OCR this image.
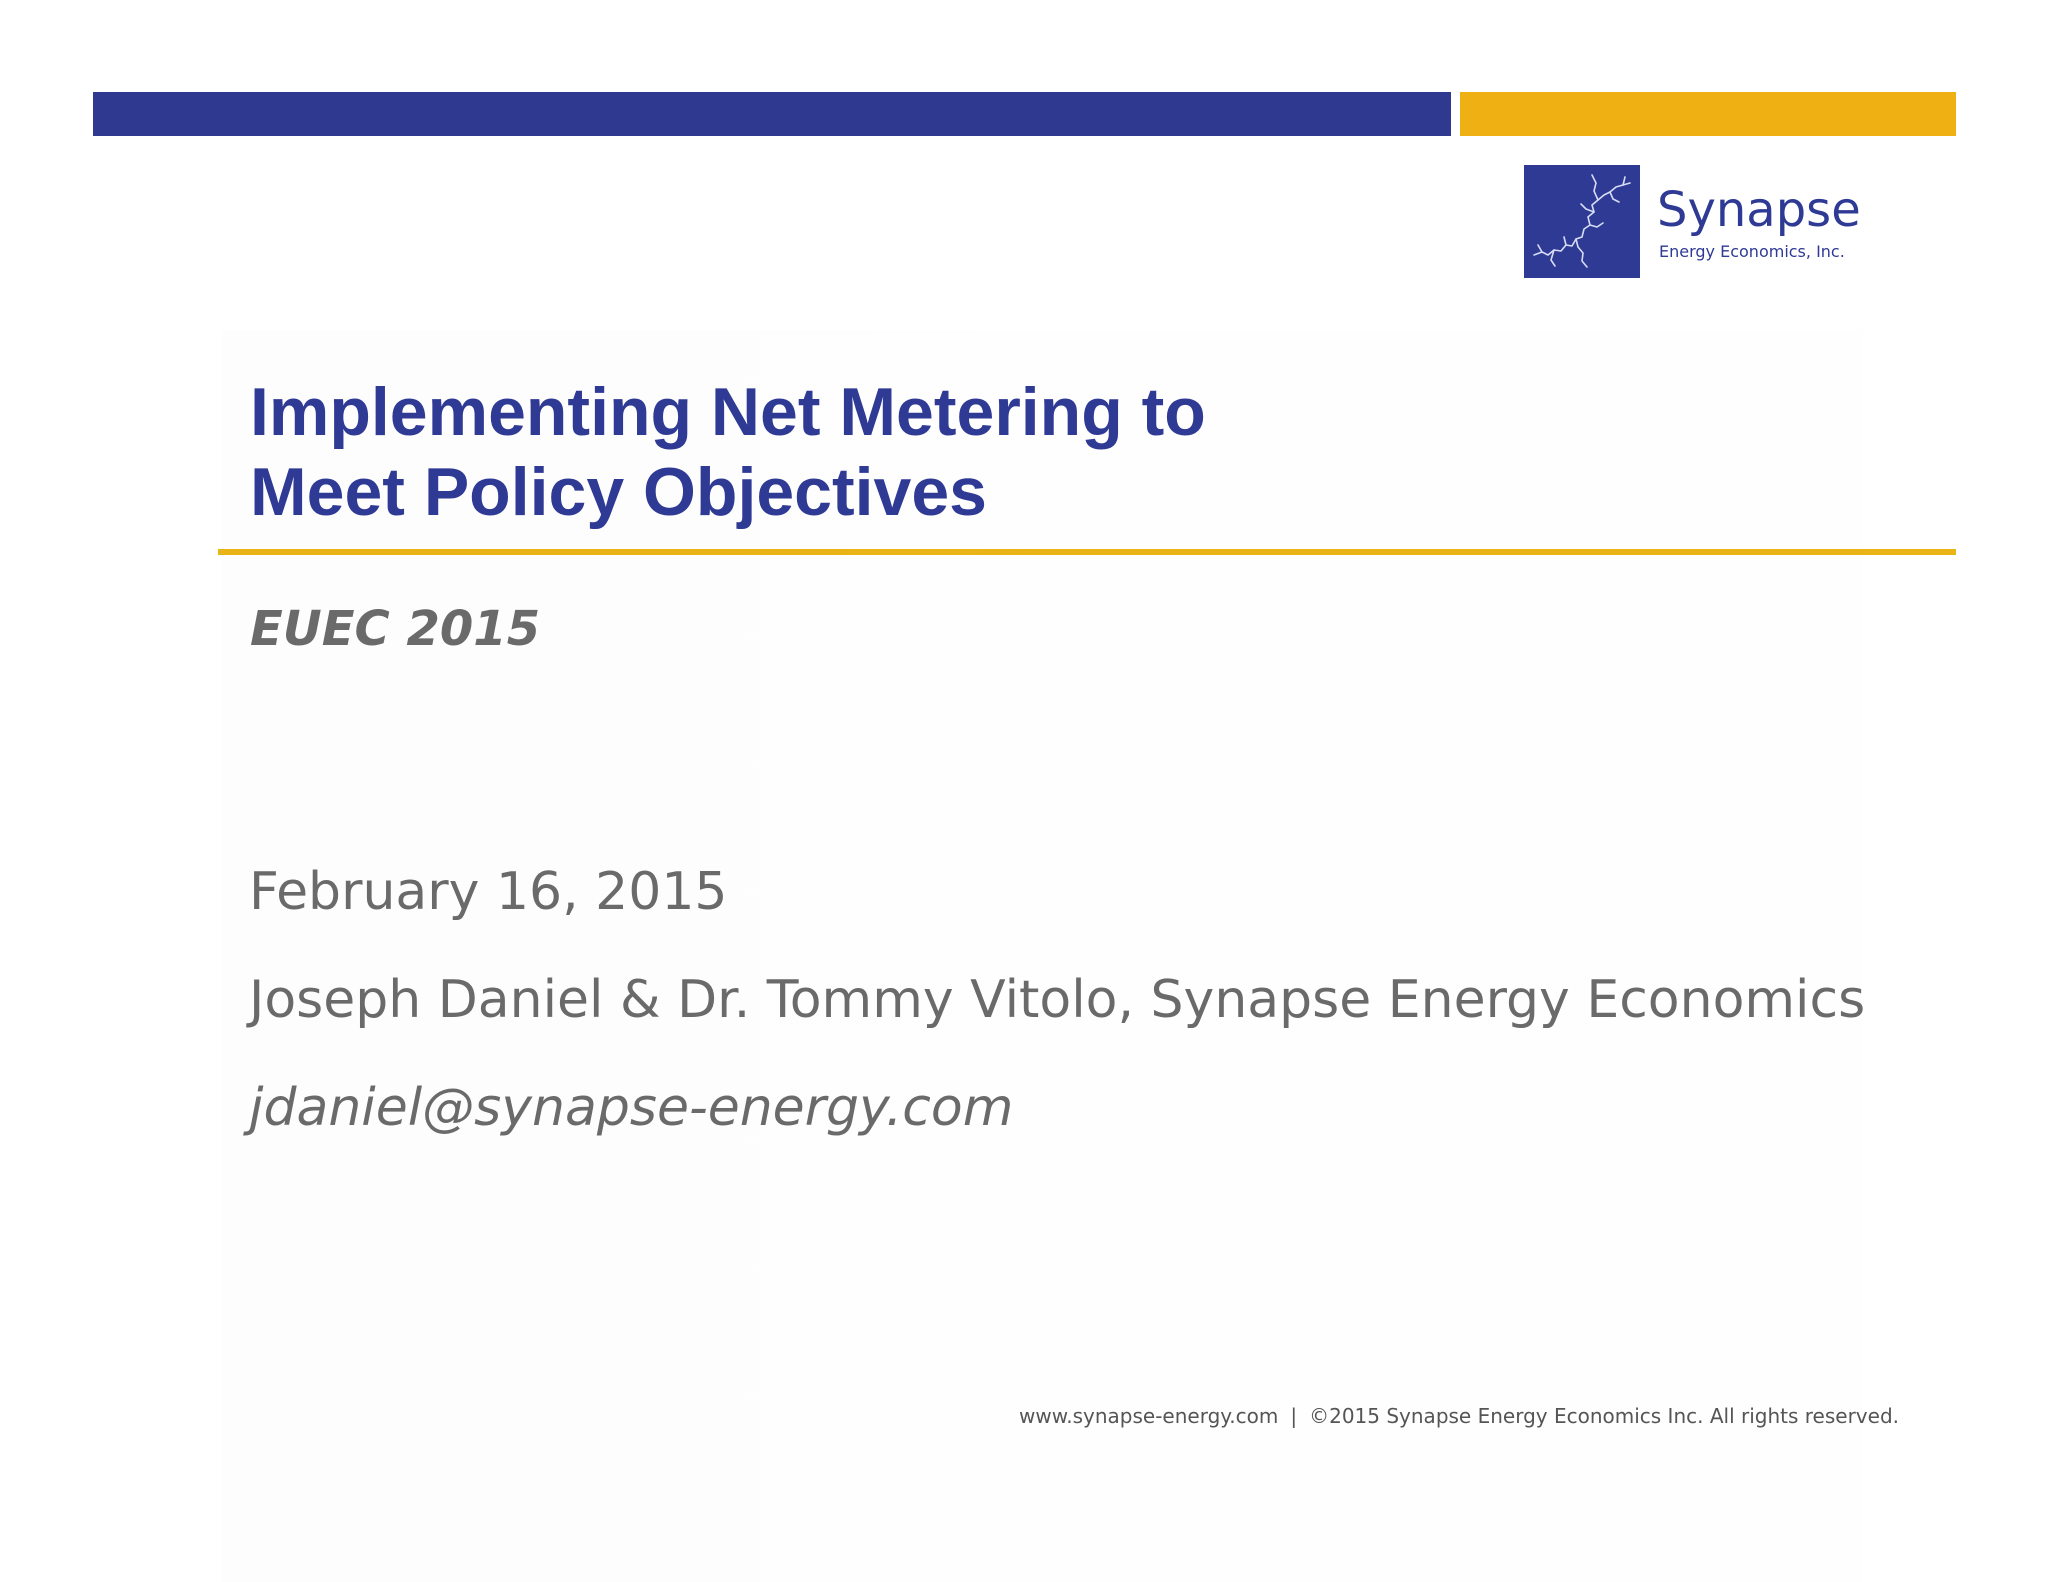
Synapse
Energy Economics, Inc.
Implementing Net Metering to
Meet Policy Objectives
EUEC 2015
February 16, 2015
Joseph Daniel & Dr. Tommy Vitolo, Synapse Energy Economics
jdaniel@synapse-energy.com
www.synapse-energy.com | ©2015 Synapse Energy Economics Inc. All rights reserved.
